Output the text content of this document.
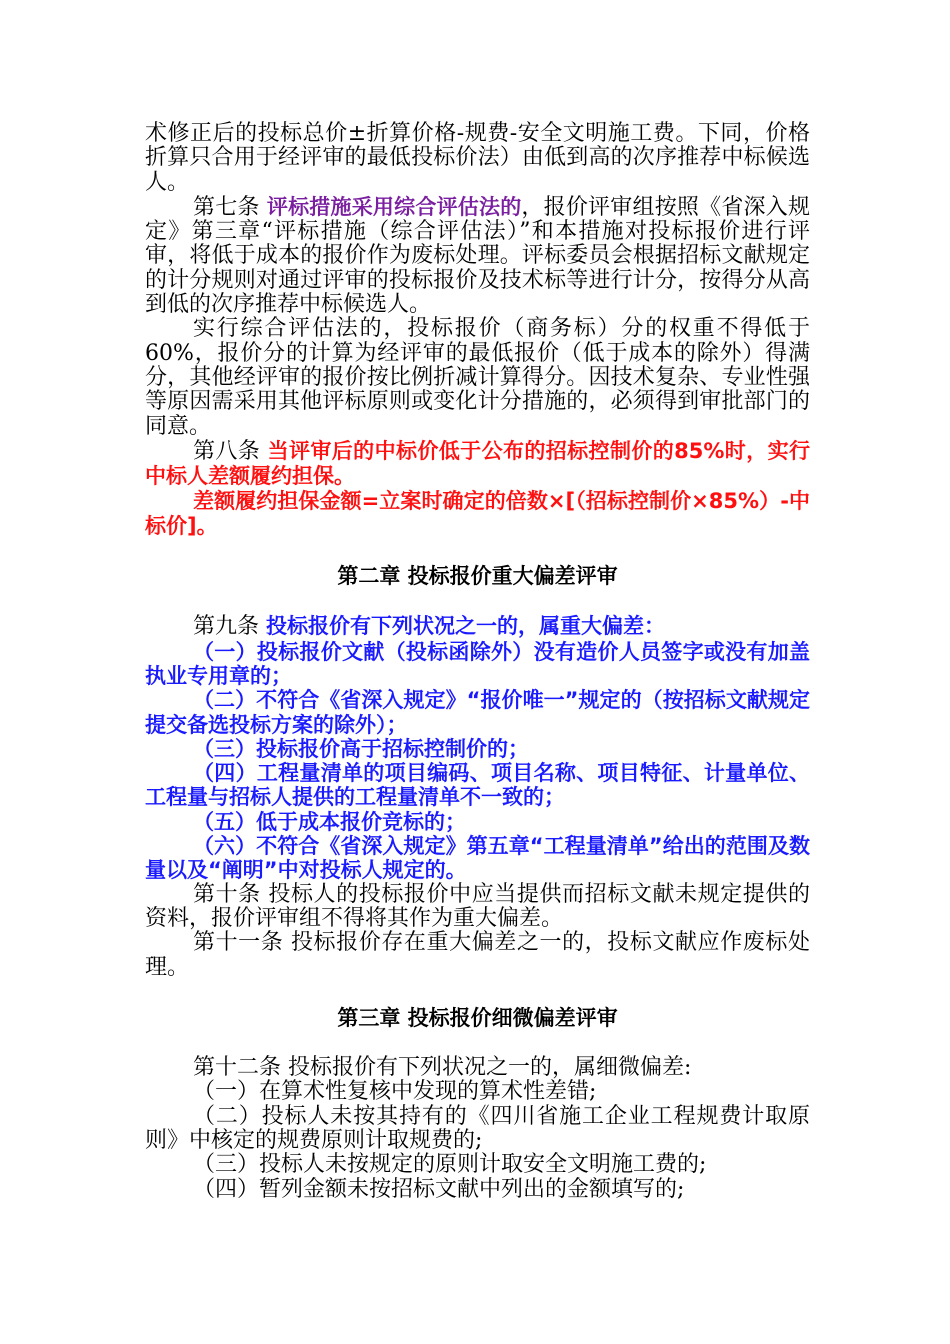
术修正后的投标总价±折算价格-规费-安全文明施工费。下同，价格折算只合用于经评审的最低投标价法）由低到高的次序推荐中标候选人。

第七条 评标措施采用综合评估法的，报价评审组按照《省深入规定》第三章“评标措施（综合评估法）”和本措施对投标报价进行评审，将低于成本的报价作为废标处理。评标委员会根据招标文献规定的计分规则对通过评审的投标报价及技术标等进行计分，按得分从高到低的次序推荐中标候选人。

实行综合评估法的，投标报价（商务标）分的权重不得低于60%，报价分的计算为经评审的最低报价（低于成本的除外）得满分，其他经评审的报价按比例折减计算得分。因技术复杂、专业性强等原因需采用其他评标原则或变化计分措施的，必须得到审批部门的同意。

第八条 当评审后的中标价低于公布的招标控制价的85%时，实行中标人差额履约担保。

差额履约担保金额=立案时确定的倍数×[（招标控制价×85%）-中标价]。

第二章 投标报价重大偏差评审

第九条 投标报价有下列状况之一的，属重大偏差：

（一）投标报价文献（投标函除外）没有造价人员签字或没有加盖执业专用章的；

（二）不符合《省深入规定》“报价唯一”规定的（按招标文献规定提交备选投标方案的除外）；

（三）投标报价高于招标控制价的；

（四）工程量清单的项目编码、项目名称、项目特征、计量单位、工程量与招标人提供的工程量清单不一致的；

（五）低于成本报价竞标的；

（六）不符合《省深入规定》第五章“工程量清单”给出的范围及数量以及“阐明”中对投标人规定的。

第十条 投标人的投标报价中应当提供而招标文献未规定提供的资料，报价评审组不得将其作为重大偏差。

第十一条 投标报价存在重大偏差之一的，投标文献应作废标处理。

第三章 投标报价细微偏差评审

第十二条 投标报价有下列状况之一的，属细微偏差:

（一）在算术性复核中发现的算术性差错;

（二）投标人未按其持有的《四川省施工企业工程规费计取原则》中核定的规费原则计取规费的;

（三）投标人未按规定的原则计取安全文明施工费的;

（四）暂列金额未按招标文献中列出的金额填写的;
